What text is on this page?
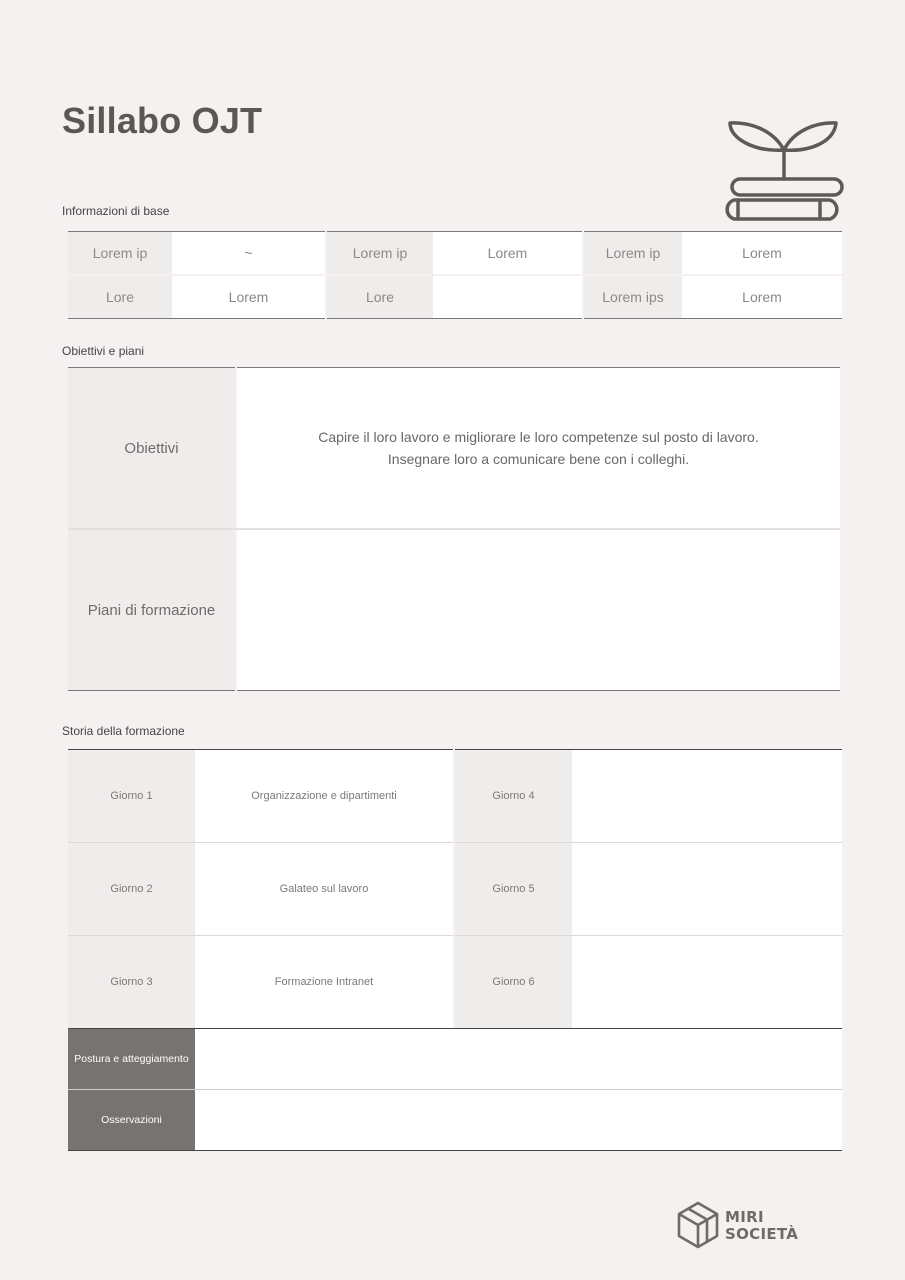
Sillabo OJT
Informazioni di base
Lorem ip	~	Lorem ip	Lorem	Lorem ip	Lorem
Lore	Lorem	Lore		Lorem ips	Lorem
Obiettivi e piani
Obiettivi	Capire il loro lavoro e migliorare le loro competenze sul posto di lavoro.
Insegnare loro a comunicare bene con i colleghi.

Piani di formazione	
Storia della formazione
Giorno 1	Organizzazione e dipartimenti	Giorno 4	
Giorno 2	Galateo sul lavoro	Giorno 5	
Giorno 3	Formazione Intranet	Giorno 6	
Postura e atteggiamento	
Osservazioni	
MIRI
SOCIETÀ
